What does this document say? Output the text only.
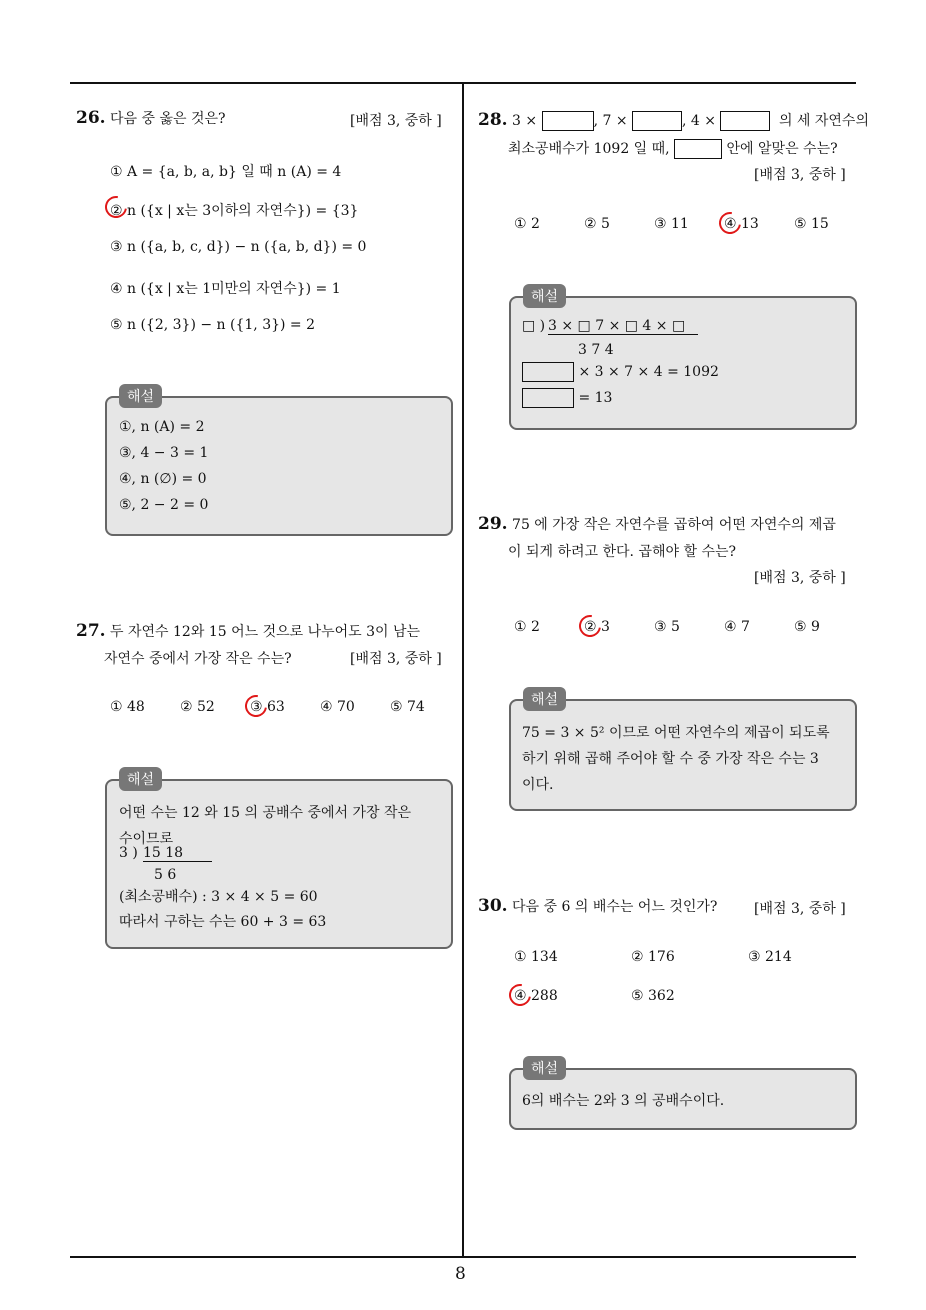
8
26. 다음 중 옳은 것은?	[배점 3, 중하 ]
① A = {a, b, a, b} 일 때 n (A) = 4
② n ({x | x는 3이하의 자연수}) = {3}
③ n ({a, b, c, d}) − n ({a, b, d}) = 0
④ n ({x | x는 1미만의 자연수}) = 1
⑤ n ({2, 3}) − n ({1, 3}) = 2
해설
①, n (A) = 2
③, 4 − 3 = 1
④, n (∅) = 0
⑤, 2 − 2 = 0
27. 두 자연수 12와 15 어느 것으로 나누어도 3이 남는
자연수 중에서 가장 작은 수는?	[배점 3, 중하 ]
① 48	② 52	③ 63	④ 70	⑤ 74
해설
어떤 수는 12 와 15 의 공배수 중에서 가장 작은
수이므로
3 ) 15 18
5 6
(최소공배수) : 3 × 4 × 5 = 60
따라서 구하는 수는 60 + 3 = 63
28. 3 ×	, 7 ×	, 4 ×	의 세 자연수의
최소공배수가 1092 일 때,	안에 알맞은 수는?
[배점 3, 중하 ]
① 2	② 5	③ 11	④ 13	⑤ 15
해설
□ ) 3 × □ 7 × □ 4 × □
3 7 4
× 3 × 7 × 4 = 1092
= 13
29. 75 에 가장 작은 자연수를 곱하여 어떤 자연수의 제곱
이 되게 하려고 한다. 곱해야 할 수는?
[배점 3, 중하 ]
① 2	② 3	③ 5	④ 7	⑤ 9
해설
75 = 3 × 5² 이므로 어떤 자연수의 제곱이 되도록
하기 위해 곱해 주어야 할 수 중 가장 작은 수는 3
이다.
30. 다음 중 6 의 배수는 어느 것인가?	[배점 3, 중하 ]
① 134	② 176	③ 214
④ 288	⑤ 362
해설
6의 배수는 2와 3 의 공배수이다.
